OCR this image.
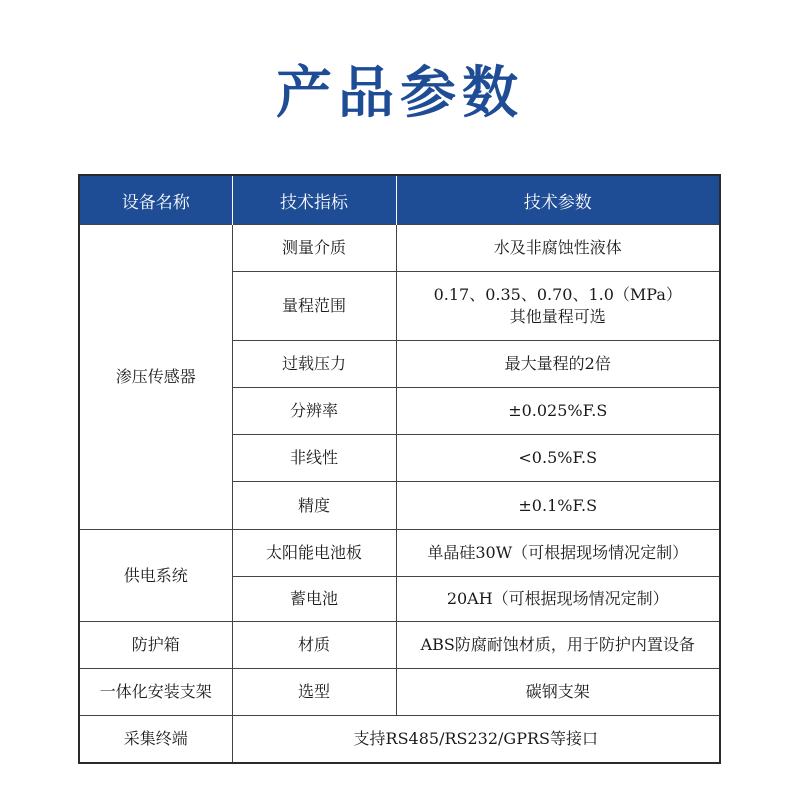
产品参数
设备名称	技术指标	技术参数
渗压传感器	测量介质	水及非腐蚀性液体
	量程范围	0.17、0.35、0.70、1.0（MPa）
其他量程可选

	过载压力	最大量程的2倍
	分辨率	±0.025%F.S
	非线性	<0.5%F.S
	精度	±0.1%F.S
供电系统	太阳能电池板	单晶硅30W（可根据现场情况定制）
	蓄电池	20AH（可根据现场情况定制）
防护箱	材质	ABS防腐耐蚀材质，用于防护内置设备
一体化安装支架	选型	碳钢支架
采集终端	支持RS485/RS232/GPRS等接口	
